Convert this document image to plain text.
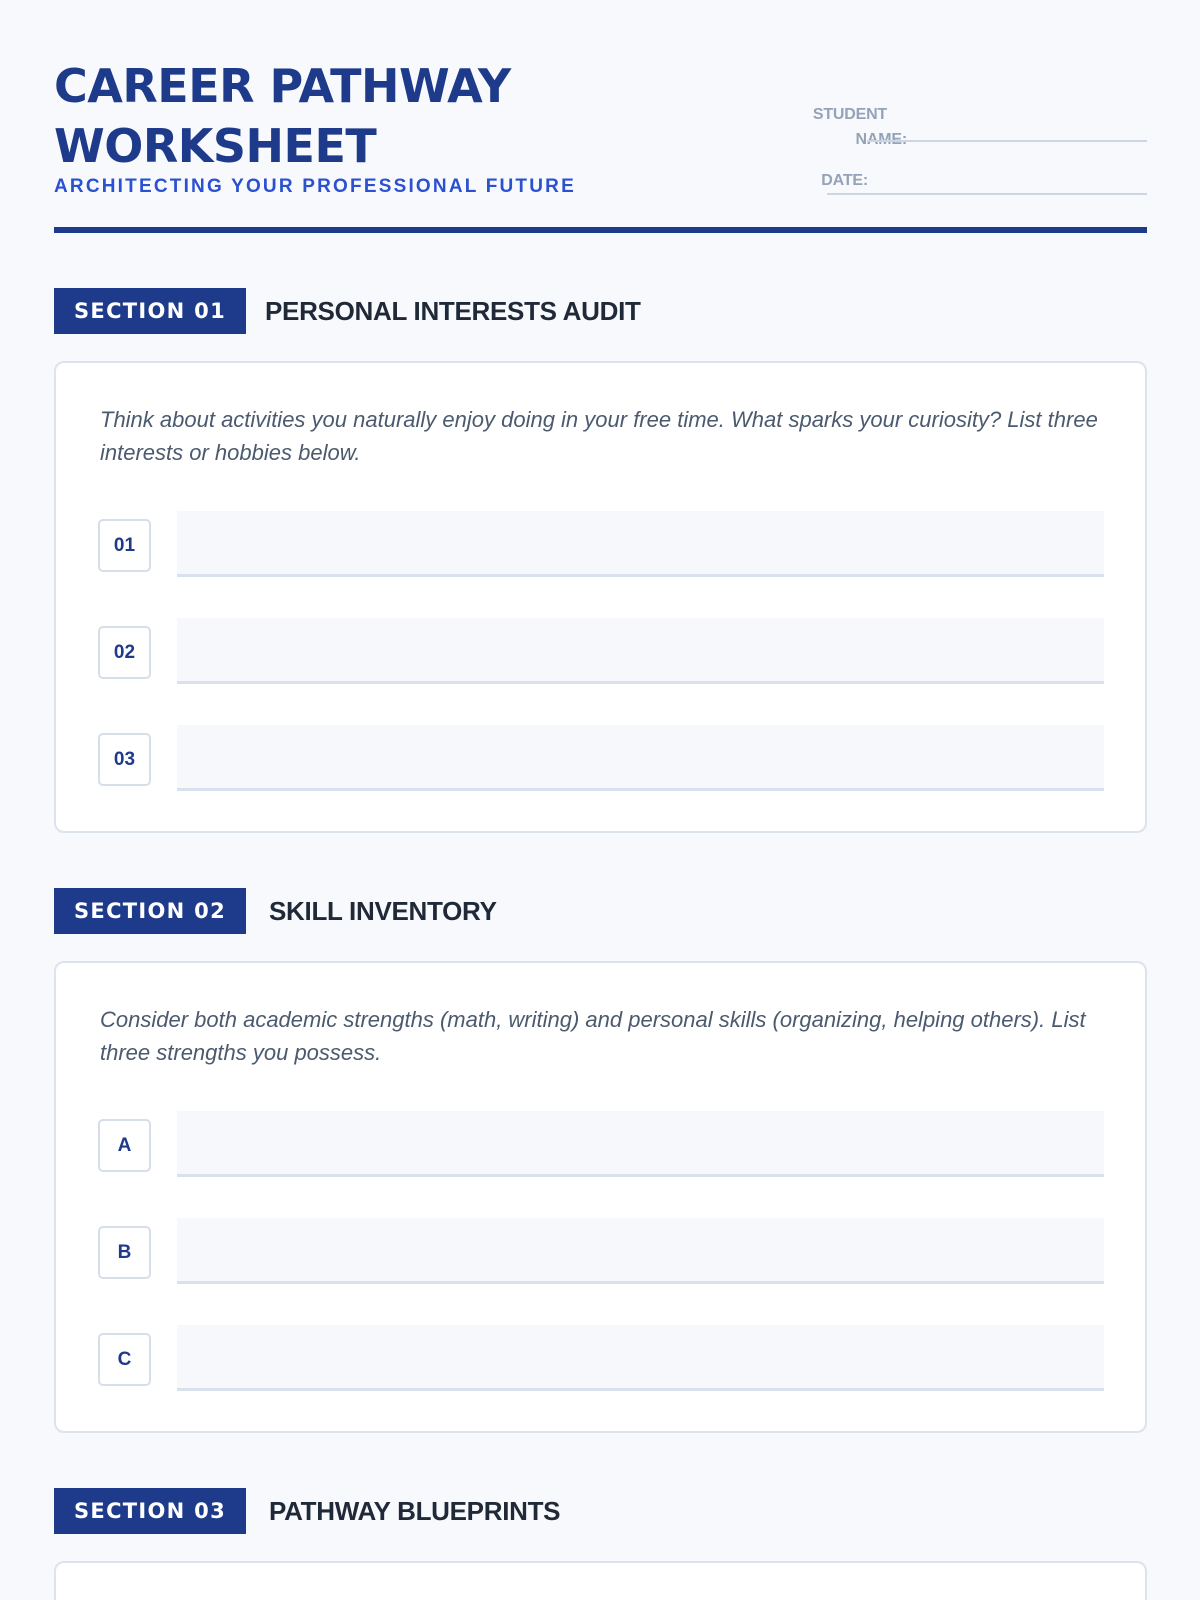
CAREER PATHWAY WORKSHEET
ARCHITECTING YOUR PROFESSIONAL FUTURE
STUDENT
NAME:
DATE:
SECTION 01	PERSONAL INTERESTS AUDIT
Think about activities you naturally enjoy doing in your free time. What sparks your curiosity? List three interests or hobbies below.
01
02
03
SECTION 02	SKILL INVENTORY
Consider both academic strengths (math, writing) and personal skills (organizing, helping others). List three strengths you possess.
A
B
C
SECTION 03	PATHWAY BLUEPRINTS
